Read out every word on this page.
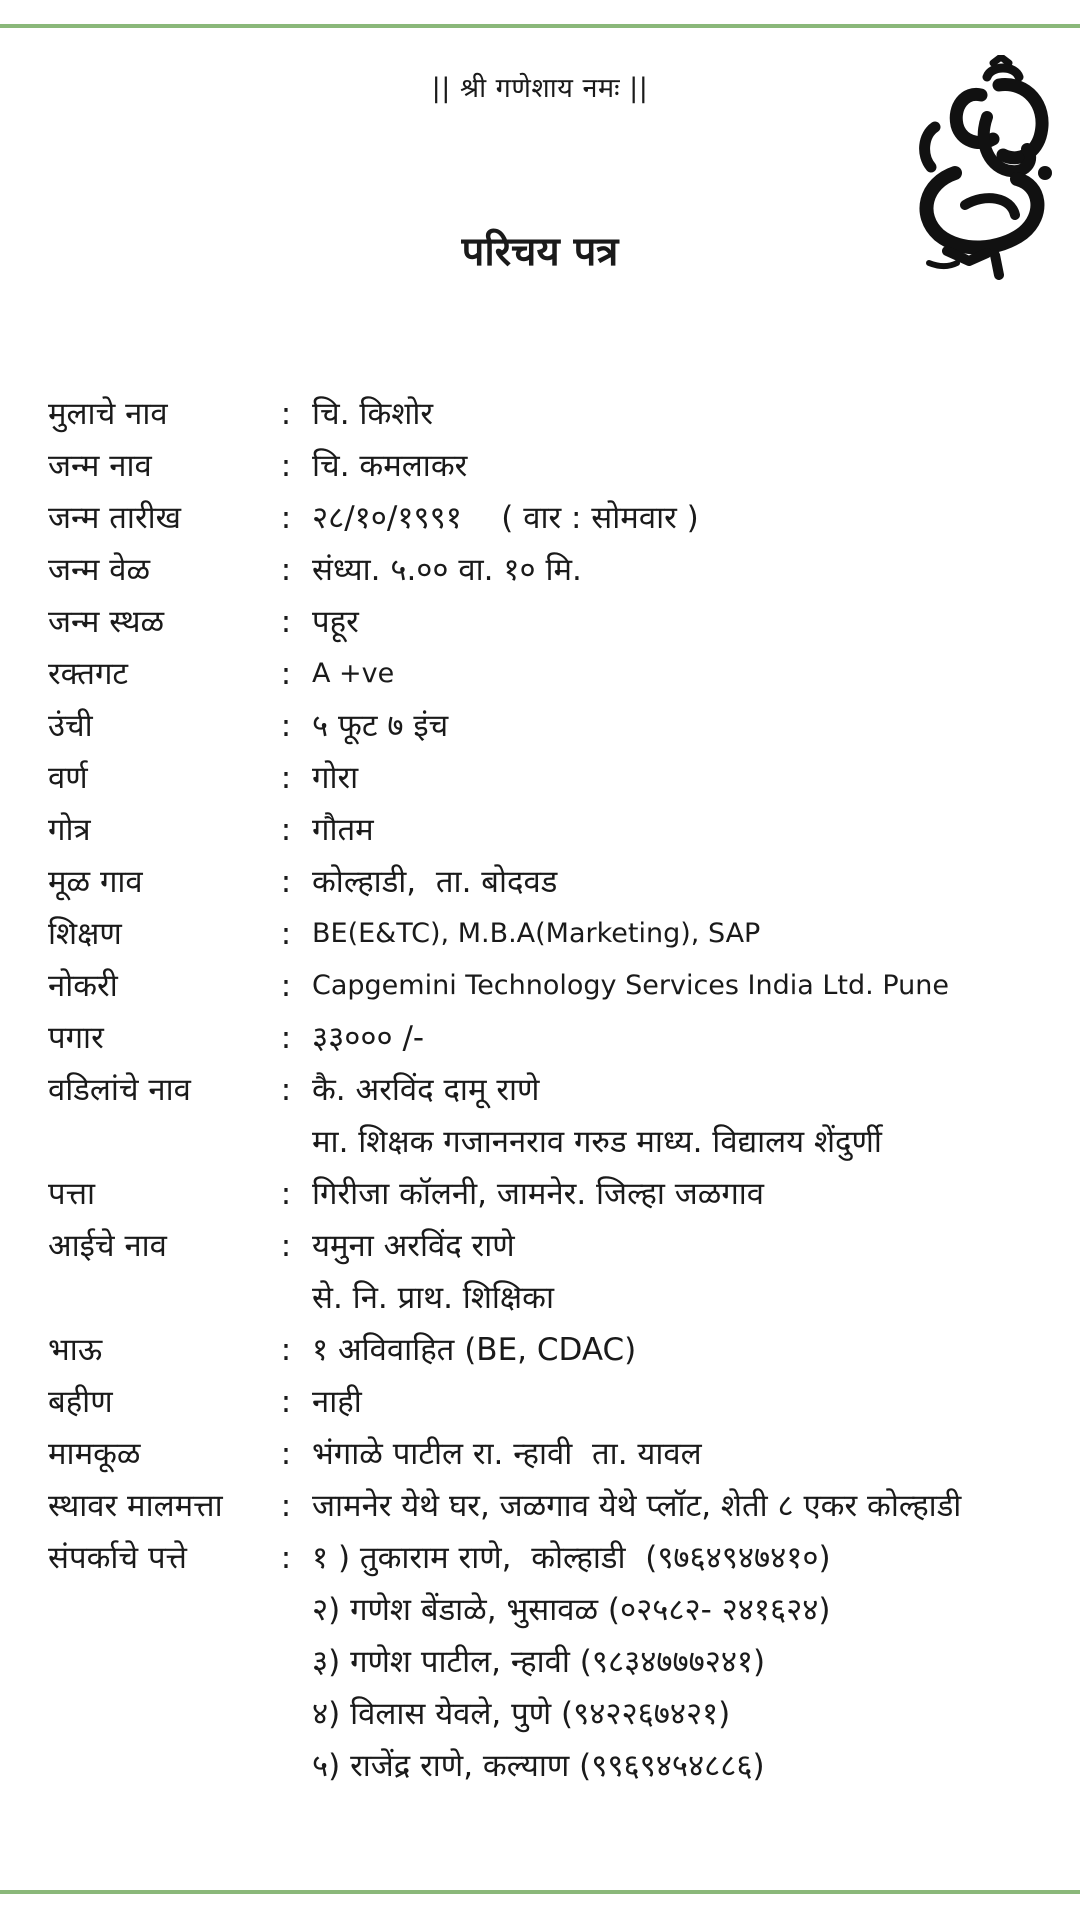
|| श्री गणेशाय नमः ||
परिचय पत्र
मुलाचे नाव	: चि. किशोर
जन्म नाव	: चि. कमलाकर
जन्म तारीख	: २८/१०/१९९१    ( वार : सोमवार )
जन्म वेळ	: संध्या. ५.०० वा. १० मि.
जन्म स्थळ	: पहूर
रक्तगट	: A +ve
उंची	: ५ फूट ७ इंच
वर्ण	: गोरा
गोत्र	: गौतम
मूळ गाव	: कोल्हाडी,  ता. बोदवड
शिक्षण	: BE(E&TC), M.B.A(Marketing), SAP
नोकरी	: Capgemini Technology Services India Ltd. Pune
पगार	: ३३००० /-
वडिलांचे नाव	: कै. अरविंद दामू राणे
मा. शिक्षक गजाननराव गरुड माध्य. विद्यालय शेंदुर्णी
पत्ता	: गिरीजा कॉलनी, जामनेर. जिल्हा जळगाव
आईचे नाव	: यमुना अरविंद राणे
से. नि. प्राथ. शिक्षिका
भाऊ	: १ अविवाहित (BE, CDAC)
बहीण	: नाही
मामकूळ	: भंगाळे पाटील रा. न्हावी  ता. यावल
स्थावर मालमत्ता	: जामनेर येथे घर, जळगाव येथे प्लॉट, शेती ८ एकर कोल्हाडी
संपर्काचे पत्ते	: १ ) तुकाराम राणे,  कोल्हाडी  (९७६४९४७४१०)
२) गणेश बेंडाळे, भुसावळ (०२५८२- २४१६२४)
३) गणेश पाटील, न्हावी (९८३४७७७२४१)
४) विलास येवले, पुणे (९४२२६७४२१)
५) राजेंद्र राणे, कल्याण (९९६९४५४८८६)
